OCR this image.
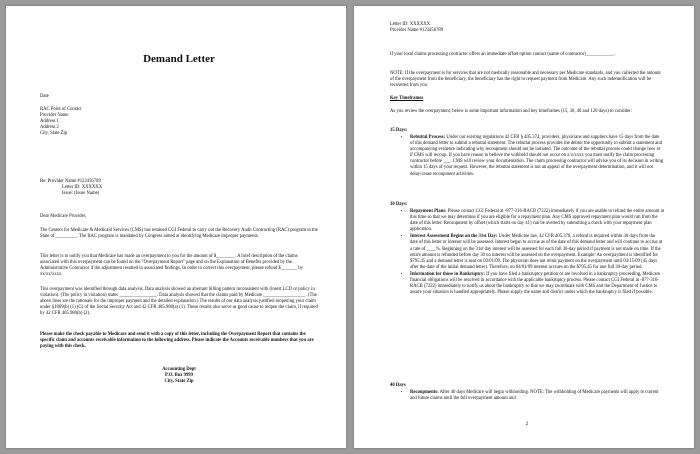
Demand Letter
Date

RAC Point of Contact

Provider Name

Address 1

Address 2

City, State Zip

Re: Provider Name #123456789

Letter ID: XXXXXX

Issue: (Issue Name)

Dear Medicare Provider,
The Centers for Medicare & Medicaid Services (CMS) has retained CGI Federal to carry out the Recovery Audit Contracting (RAC) program in the State of _________. The RAC program is mandated by Congress aimed at identifying Medicare improper payments.
This letter is to notify you that Medicare has made an overpayment to you for the amount of $________. A brief description of the claims associated with this overpayment can be found on the "Overpayment Report" page and on the Explanation of Benefits provided by the Administrative Contractor if the adjustment resulted in associated findings. In order to correct this overpayment, please refund $_______ by xx/xx/xxxx.
This overpayment was identified through data analysis. Data analysis showed an aberrant billing pattern inconsistent with (insert LCD or policy in violation). (The policy in violation) states ________________. Data analysis showed that the claims paid by Medicare __________________. (The above lines are the rationale for the improper payment and the detailed explanation.) The results of our data analysis justified reopening your claim under §1869(b) (1) (G) of the Social Security Act and 42 CFR 405.980(a) (1). These results also serve as good cause to reopen the claim, if required by 42 CFR 405.980(b) (2).
Please make the check payable to Medicare and send it with a copy of this letter, including the Overpayment Report that contains the specific claim and accounts receivable information to the following address. Please indicate the Accounts receivable numbers that you are paying with this check.

Accounting Dept

P.O. Box 9999

City, State Zip

Letter ID: XXXXXX

Provider Name #123456789

If your local claims processing contractor offers an immediate offset option contact (name of contractor)____________.
NOTE: If the overpayment is for services that are not medically reasonable and necessary per Medicare standards, and you collected the amount of the overpayment from the beneficiary, the beneficiary has the right to request payment from Medicare. Any such indemnification will be recovered from you.
Key Timeframes
As you review the overpayment, below is some important information and key timeframes (15, 30, 40 and 120 days) to consider:
15 Days:
• Rebuttal Process: Under our existing regulations 42 CFR § 405.374, providers, physicians and suppliers have 15 days from the date of this demand letter to submit a rebuttal statement. The rebuttal process provides the debtor the opportunity to submit a statement and accompanying evidence indicating why recoupment should not be initiated. The outcome of the rebuttal process could change how or if CMS will recoup. If you have reason to believe the withhold should not occur on x/x/xxxx you must notify the claim processing contractor before ___. CMS will review your documentation. The claim processing contractor will advise you of its decision in writing within 15 days of your request. However, the rebuttal statement is not an appeal of the overpayment determination, and it will not delay/cease recoupment activities.
30 Days:
• Repayment Plans: Please contact CGI Federal at -877-316-RACB (7222) immediately if you are unable to refund the entire amount at this time so that we may determine if you are eligible for a repayment plan. Any CMS approved repayment plan would run from the date of this letter. Recoupment by offset (which starts on day 41) can be averted by submitting a check with your repayment plan application.
• Interest Assessment Begins on the 31st Day: Under Medicare law, 42 CFR 405.378, a refund is required within 30 days from the date of this letter or interest will be assessed. Interest began to accrue as of the date of this demand letter and will continue to accrue at a rate of ____%. Beginning on the 31st day interest will be assessed for each full 30-day period if payment is not made on time. If the entire amount is refunded before day 30 no interest will be assessed on the overpayment. Example: An overpayment is identified for $795.45 and a demand letter is sent on 03/01/09. The physician does not remit payment on the overpayment until 04/15/09 (45 days after the date of the initial demand letter). Therefore, on 04/01/09 interest accrues on the $795.45 for one full 30-day period.
• Information for those in Bankruptcy: If you have filed a bankruptcy petition or are involved in a bankruptcy proceeding, Medicare financial obligations will be resolved in accordance with the applicable bankruptcy process. Please contact CGI Federal at -877-316-RACB (7222) immediately to notify us about the bankruptcy so that we may coordinate with CMS and the Department of Justice to assure your situation is handled appropriately. Please supply the name and district under which the bankruptcy is filed if possible.
40 Days
• Recoupments: After 40 days Medicare will begin withholding. NOTE: The withholding of Medicare payments will apply to current and future claims until the full overpayment amount and
2
